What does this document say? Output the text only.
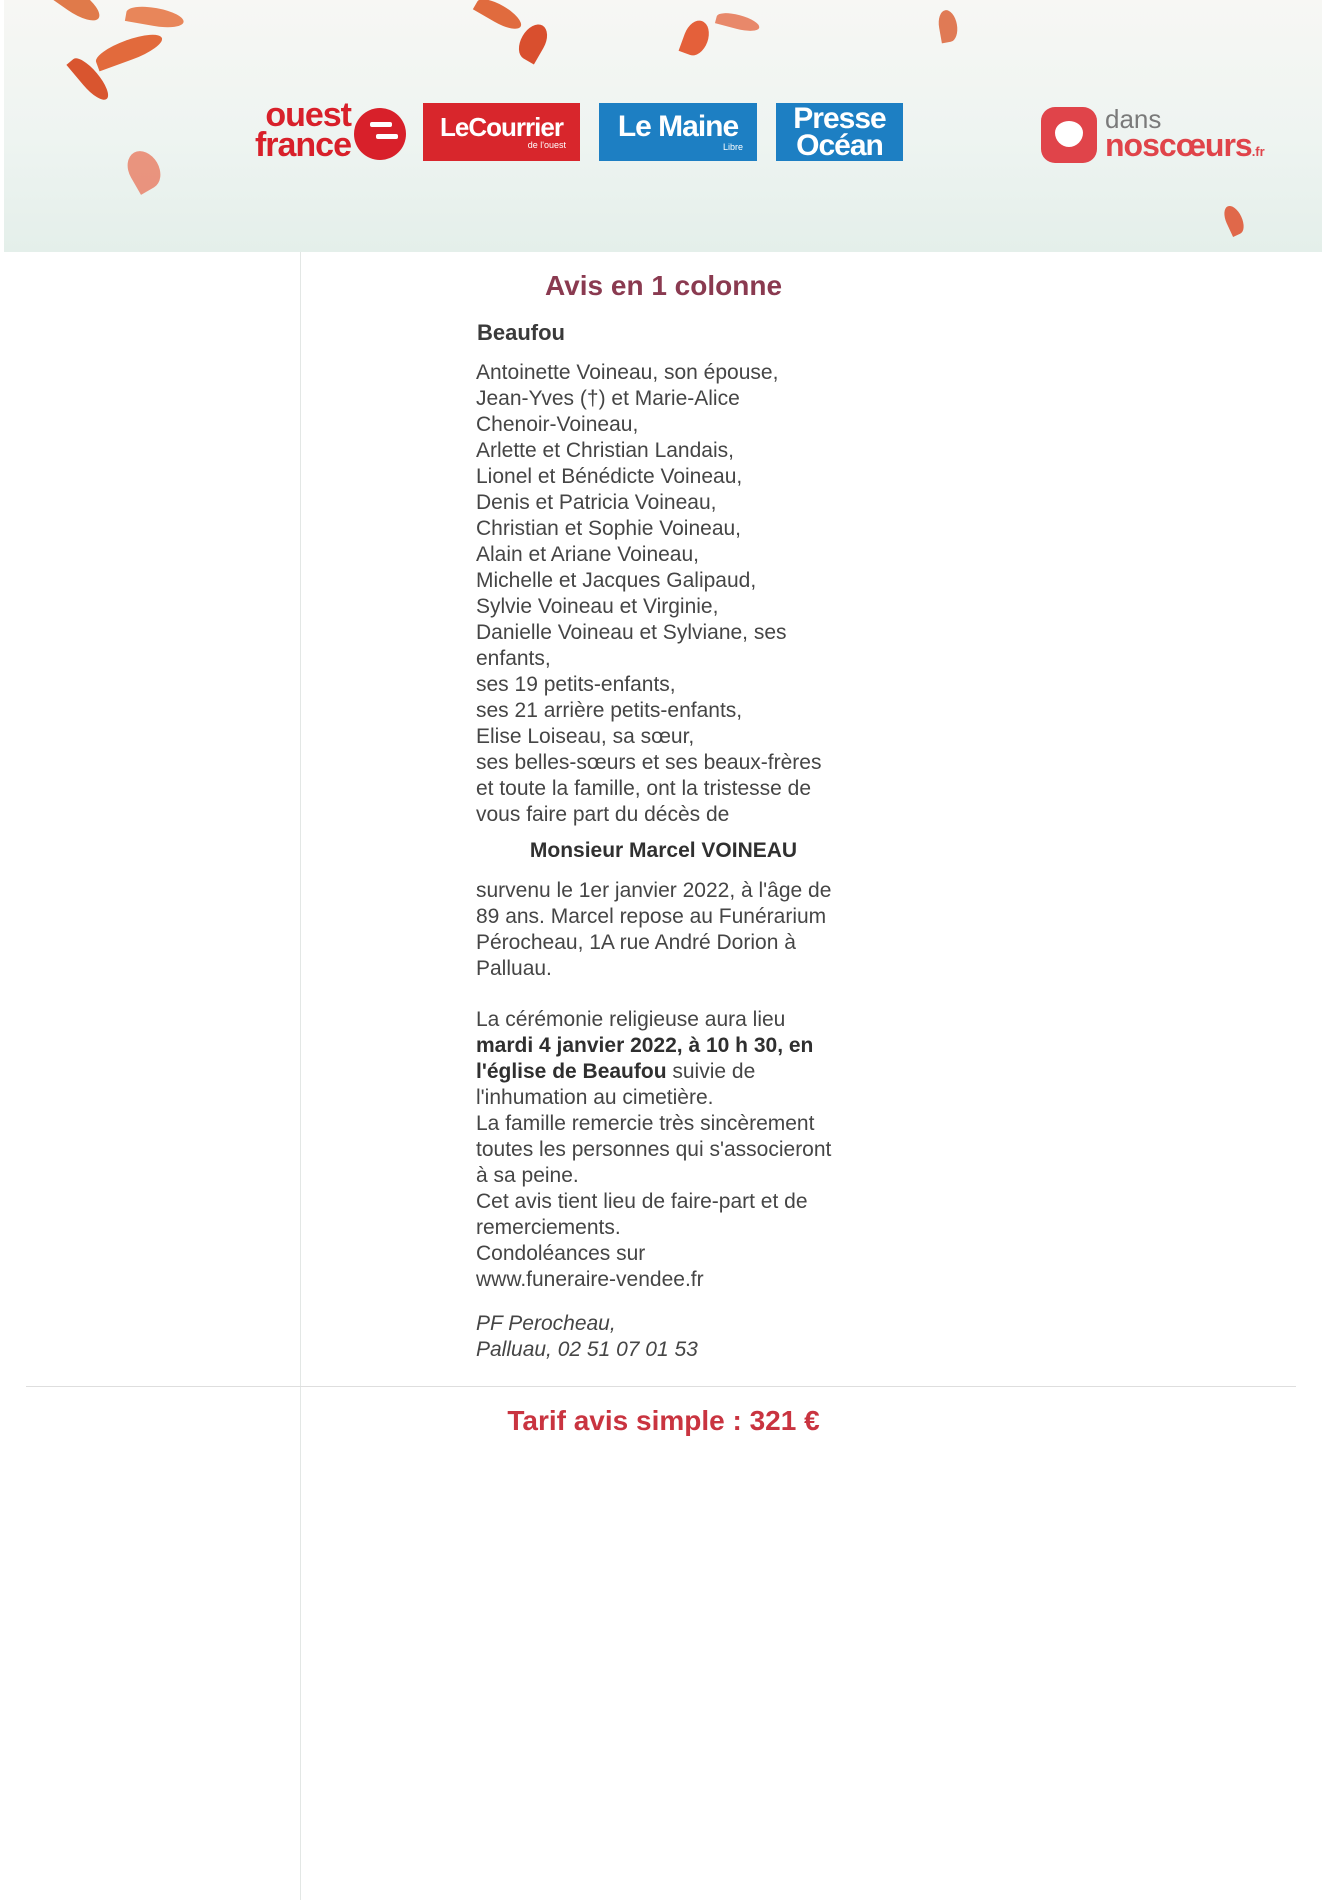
ouest
france	LeCourrier
de l'ouest
Le Maine
Libre
Presse
Océan
dans
noscœurs.fr
Avis en 1 colonne
Beaufou

Antoinette Voineau, son épouse,
Jean-Yves (†) et Marie-Alice
Chenoir-Voineau,
Arlette et Christian Landais,
Lionel et Bénédicte Voineau,
Denis et Patricia Voineau,
Christian et Sophie Voineau,
Alain et Ariane Voineau,
Michelle et Jacques Galipaud,
Sylvie Voineau et Virginie,
Danielle Voineau et Sylviane, ses
enfants,
ses 19 petits-enfants,
ses 21 arrière petits-enfants,
Elise Loiseau, sa sœur,
ses belles-sœurs et ses beaux-frères
et toute la famille, ont la tristesse de
vous faire part du décès de

Monsieur Marcel VOINEAU

survenu le 1er janvier 2022, à l'âge de
89 ans. Marcel repose au Funérarium
Pérocheau, 1A rue André Dorion à
Palluau.

La cérémonie religieuse aura lieu
mardi 4 janvier 2022, à 10 h 30, en
l'église de Beaufou suivie de
l'inhumation au cimetière.
La famille remercie très sincèrement
toutes les personnes qui s'associeront
à sa peine.
Cet avis tient lieu de faire-part et de
remerciements.
Condoléances sur
www.funeraire-vendee.fr

PF Perocheau,
Palluau, 02 51 07 01 53

Tarif avis simple : 321 €
